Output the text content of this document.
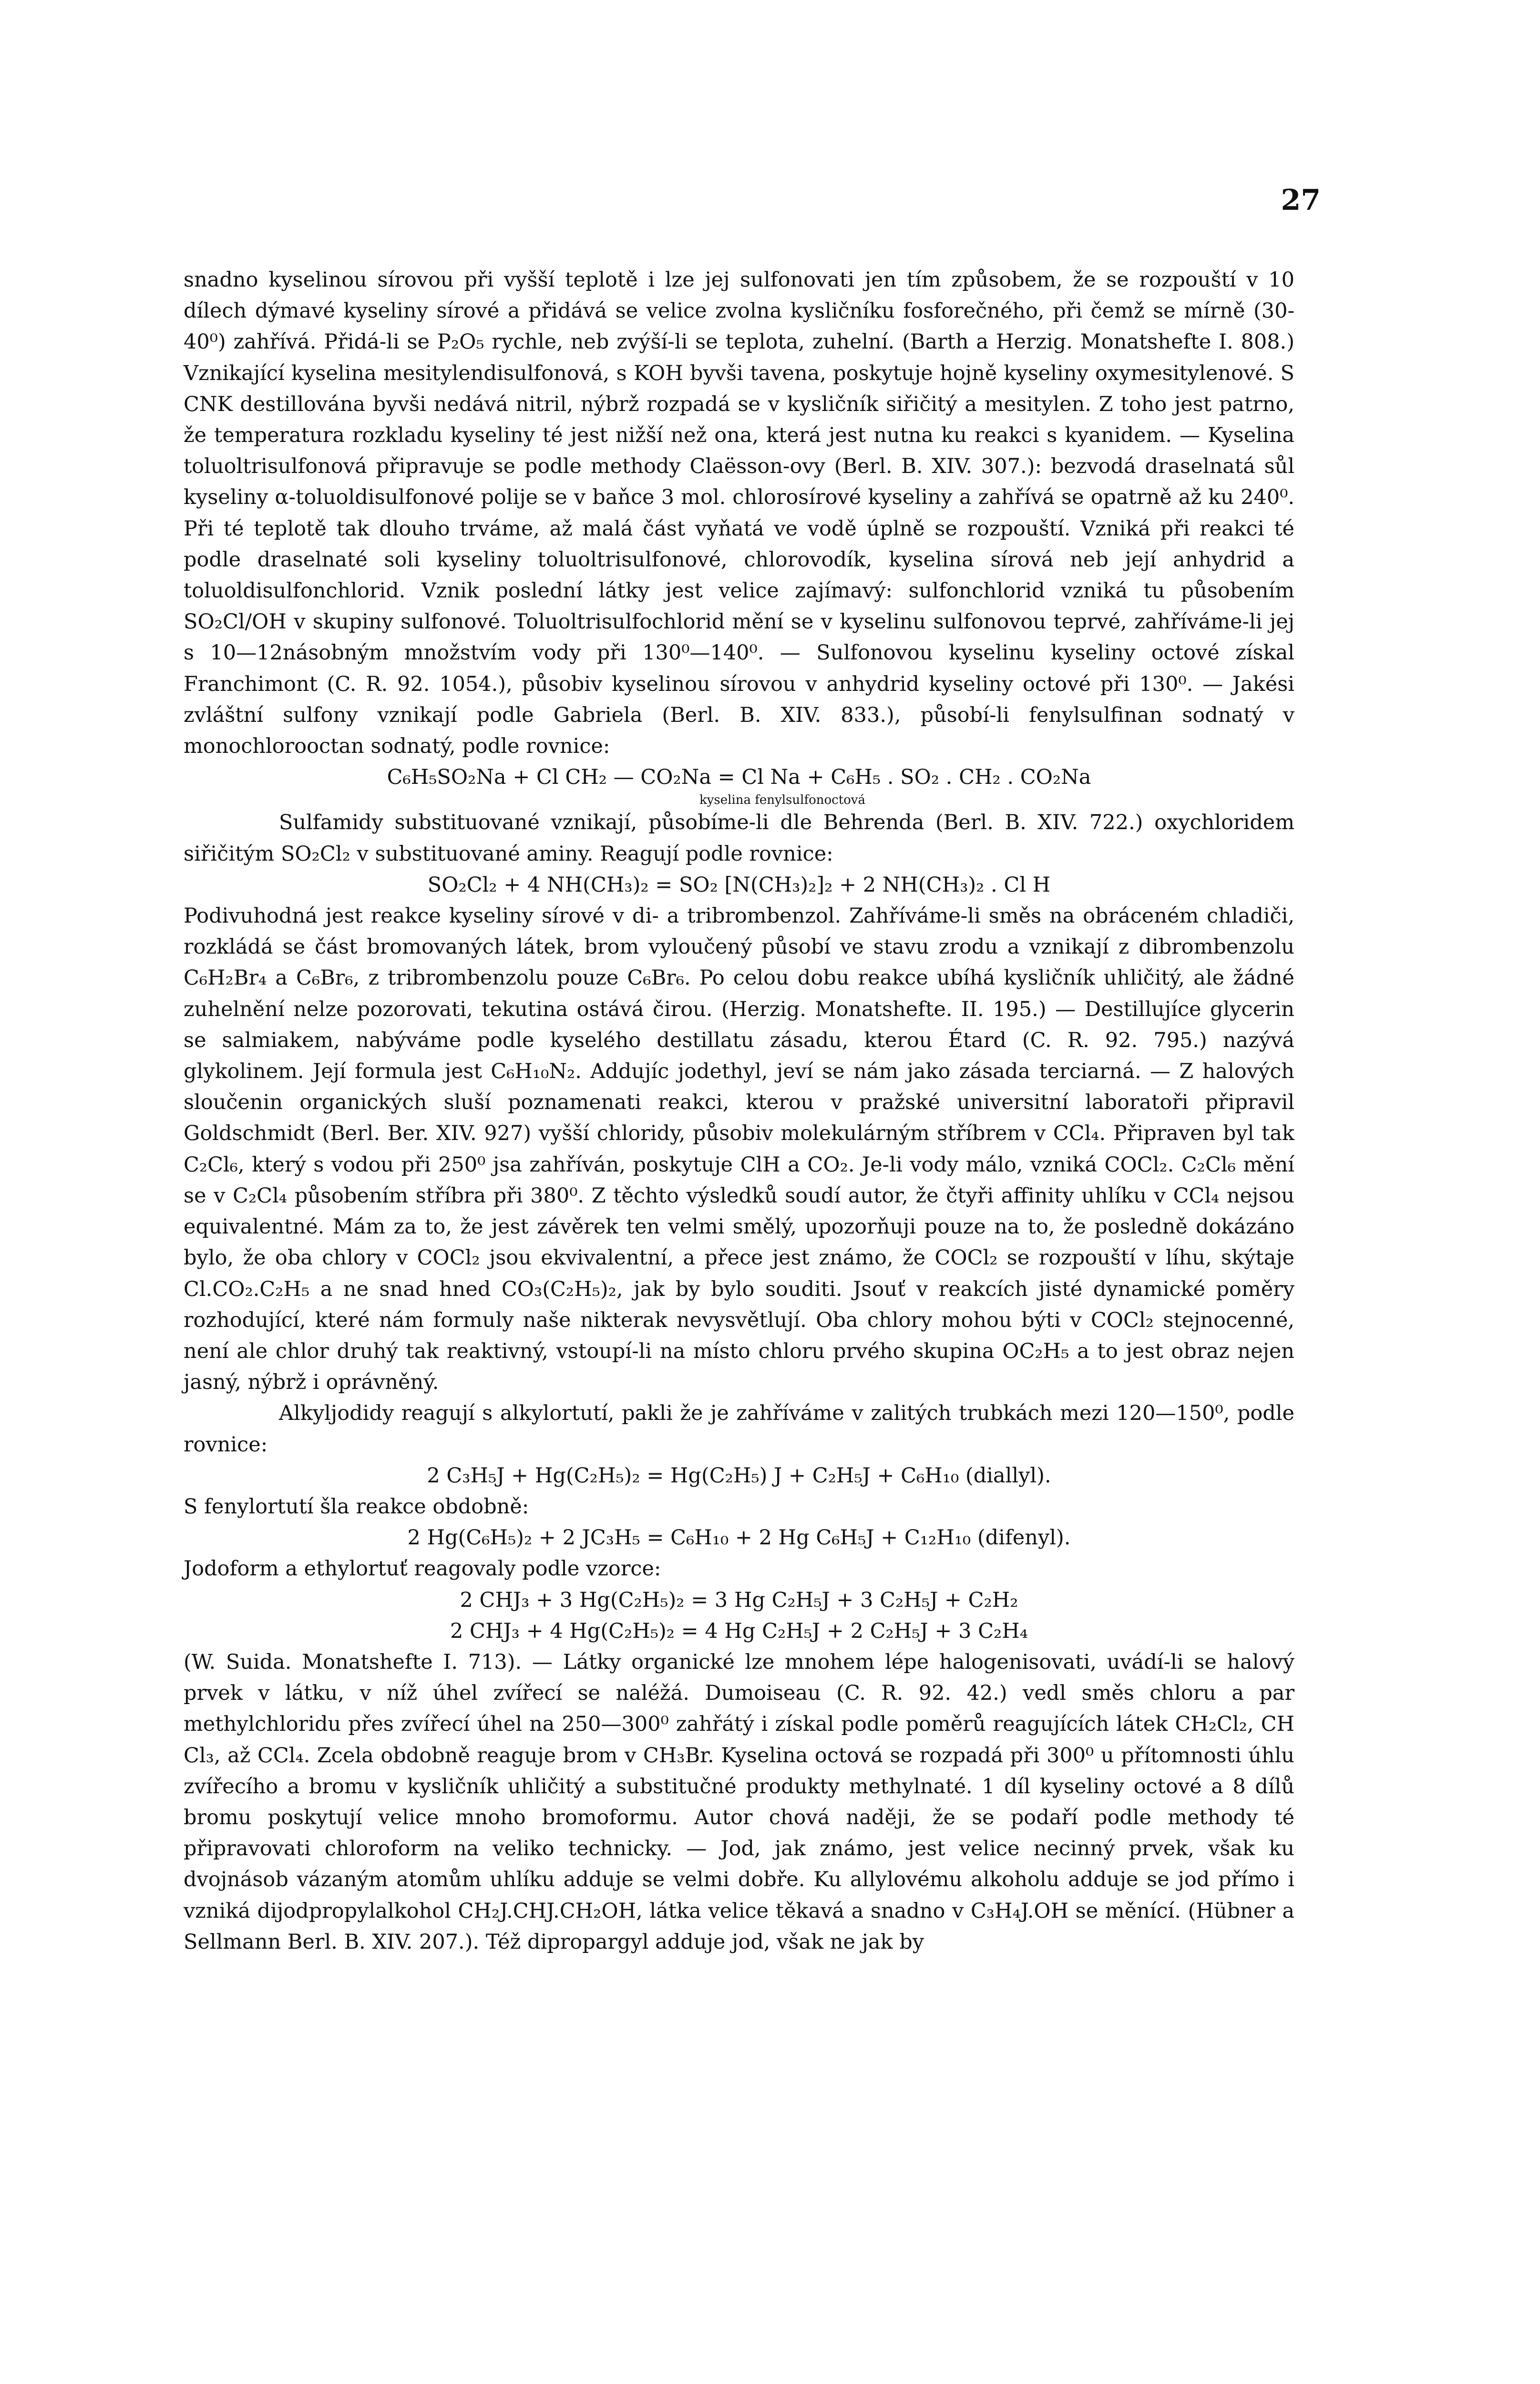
27

snadno kyselinou sírovou při vyšší teplotě i lze jej sulfonovati jen tím způsobem, že se rozpouští v 10 dílech dýmavé kyseliny sírové a přidává se velice zvolna kysličníku fosforečného, při čemž se mírně (30-40⁰) zahřívá. Přidá-li se P₂O₅ rychle, neb zvýší-li se teplota, zuhelní. (Barth a Herzig. Monatshefte I. 808.) Vznikající kyselina mesitylendisulfonová, s KOH byvši tavena, poskytuje hojně kyseliny oxymesitylenové. S CNK destillována byvši nedává nitril, nýbrž rozpadá se v kysličník siřičitý a mesitylen. Z toho jest patrno, že temperatura rozkladu kyseliny té jest nižší než ona, která jest nutna ku reakci s kyanidem. — Kyselina toluoltrisulfonová připravuje se podle methody Claësson-ovy (Berl. B. XIV. 307.): bezvodá draselnatá sůl kyseliny α-toluoldisulfonové polije se v baňce 3 mol. chlorosírové kyseliny a zahřívá se opatrně až ku 240⁰. Při té teplotě tak dlouho trváme, až malá část vyňatá ve vodě úplně se rozpouští. Vzniká při reakci té podle draselnaté soli kyseliny toluoltrisulfonové, chlorovodík, kyselina sírová neb její anhydrid a toluoldisulfonchlorid. Vznik poslední látky jest velice zajímavý: sulfonchlorid vzniká tu působením SO₂Cl/OH v skupiny sulfonové. Toluoltrisulfochlorid mění se v kyselinu sulfonovou teprvé, zahříváme-li jej s 10—12násobným množstvím vody při 130⁰—140⁰. — Sulfonovou kyselinu kyseliny octové získal Franchimont (C. R. 92. 1054.), působiv kyselinou sírovou v anhydrid kyseliny octové při 130⁰. — Jakési zvláštní sulfony vznikají podle Gabriela (Berl. B. XIV. 833.), působí-li fenylsulfinan sodnatý v monochlorooctan sodnatý, podle rovnice:

C₆H₅SO₂Na + Cl CH₂ — CO₂Na = Cl Na + C₆H₅ . SO₂ . CH₂ . CO₂Na

kyselina fenylsulfonoctová

Sulfamidy substituované vznikají, působíme-li dle Behrenda (Berl. B. XIV. 722.) oxychloridem siřičitým SO₂Cl₂ v substituované aminy. Reagují podle rovnice:

SO₂Cl₂ + 4 NH(CH₃)₂ = SO₂ [N(CH₃)₂]₂ + 2 NH(CH₃)₂ . Cl H

Podivuhodná jest reakce kyseliny sírové v di- a tribrombenzol. Zahříváme-li směs na obráceném chladiči, rozkládá se část bromovaných látek, brom vyloučený působí ve stavu zrodu a vznikají z dibrombenzolu C₆H₂Br₄ a C₆Br₆, z tribrombenzolu pouze C₆Br₆. Po celou dobu reakce ubíhá kysličník uhličitý, ale žádné zuhelnění nelze pozorovati, tekutina ostává čirou. (Herzig. Monatshefte. II. 195.) — Destillujíce glycerin se salmiakem, nabýváme podle kyselého destillatu zásadu, kterou Étard (C. R. 92. 795.) nazývá glykolinem. Její formula jest C₆H₁₀N₂. Addujíc jodethyl, jeví se nám jako zásada terciarná. — Z halových sloučenin organických sluší poznamenati reakci, kterou v pražské universitní laboratoři připravil Goldschmidt (Berl. Ber. XIV. 927) vyšší chloridy, působiv molekulárným stříbrem v CCl₄. Připraven byl tak C₂Cl₆, který s vodou při 250⁰ jsa zahříván, poskytuje ClH a CO₂. Je-li vody málo, vzniká COCl₂. C₂Cl₆ mění se v C₂Cl₄ působením stříbra při 380⁰. Z těchto výsledků soudí autor, že čtyři affinity uhlíku v CCl₄ nejsou equivalentné. Mám za to, že jest závěrek ten velmi smělý, upozorňuji pouze na to, že posledně dokázáno bylo, že oba chlory v COCl₂ jsou ekvivalentní, a přece jest známo, že COCl₂ se rozpouští v líhu, skýtaje Cl.CO₂.C₂H₅ a ne snad hned CO₃(C₂H₅)₂, jak by bylo souditi. Jsouť v reakcích jisté dynamické poměry rozhodující, které nám formuly naše nikterak nevysvětlují. Oba chlory mohou býti v COCl₂ stejnocenné, není ale chlor druhý tak reaktivný, vstoupí-li na místo chloru prvého skupina OC₂H₅ a to jest obraz nejen jasný, nýbrž i oprávněný.

Alkyljodidy reagují s alkylortutí, pakli že je zahříváme v zalitých trubkách mezi 120—150⁰, podle rovnice:

2 C₃H₅J + Hg(C₂H₅)₂ = Hg(C₂H₅) J + C₂H₅J + C₆H₁₀ (diallyl).

S fenylortutí šla reakce obdobně:

2 Hg(C₆H₅)₂ + 2 JC₃H₅ = C₆H₁₀ + 2 Hg C₆H₅J + C₁₂H₁₀ (difenyl).

Jodoform a ethylortuť reagovaly podle vzorce:

2 CHJ₃ + 3 Hg(C₂H₅)₂ = 3 Hg C₂H₅J + 3 C₂H₅J + C₂H₂

2 CHJ₃ + 4 Hg(C₂H₅)₂ = 4 Hg C₂H₅J + 2 C₂H₅J + 3 C₂H₄

(W. Suida. Monatshefte I. 713). — Látky organické lze mnohem lépe halogenisovati, uvádí-li se halový prvek v látku, v níž úhel zvířecí se naléžá. Dumoiseau (C. R. 92. 42.) vedl směs chloru a par methylchloridu přes zvířecí úhel na 250—300⁰ zahřátý i získal podle poměrů reagujících látek CH₂Cl₂, CH Cl₃, až CCl₄. Zcela obdobně reaguje brom v CH₃Br. Kyselina octová se rozpadá při 300⁰ u přítomnosti úhlu zvířecího a bromu v kysličník uhličitý a substitučné produkty methylnaté. 1 díl kyseliny octové a 8 dílů bromu poskytují velice mnoho bromoformu. Autor chová naději, že se podaří podle methody té připravovati chloroform na veliko technicky. — Jod, jak známo, jest velice necinný prvek, však ku dvojnásob vázaným atomům uhlíku adduje se velmi dobře. Ku allylovému alkoholu adduje se jod přímo i vzniká dijodpropylalkohol CH₂J.CHJ.CH₂OH, látka velice těkavá a snadno v C₃H₄J.OH se měnící. (Hübner a Sellmann Berl. B. XIV. 207.). Též dipropargyl adduje jod, však ne jak by
